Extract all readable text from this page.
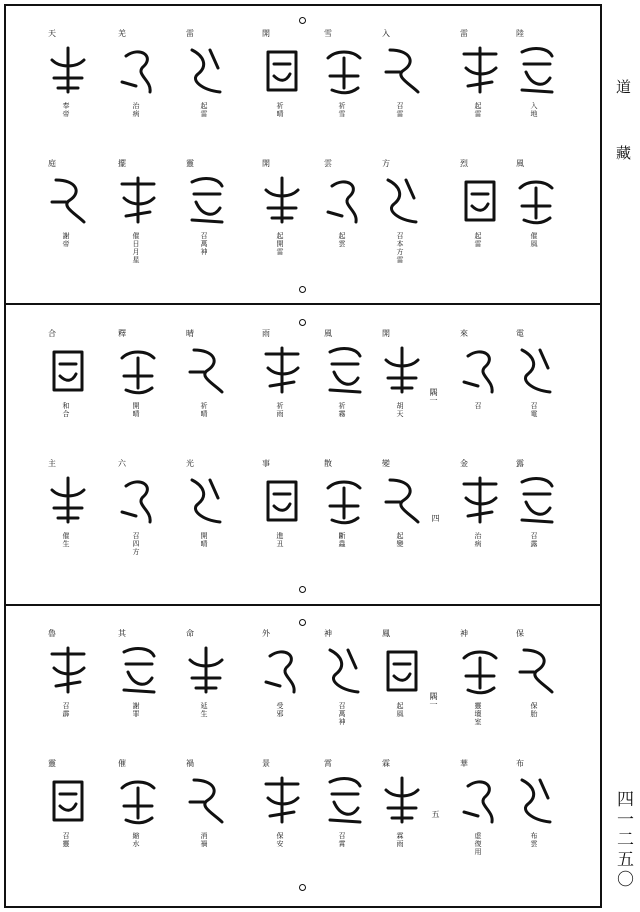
道
藏
四一二五〇
隅一
四
隅一
五
陸
入地
雷
起雷
入
召雷
雪
祈雪
開
祈晴
雷
起雷
羌
治病
天
奉帝
風
催風
烈
起雷
方
召本方雷
雲
起雲
開
起開雷
靈
召萬神
擺
催日月星
庭
謝帝
電
召電
來
召
開
胡天
風
祈霧
雨
祈雨
晴
祈晴
釋
開晴
合
和合
露
召露
金
治病
變
起變
散
斷蟲
事
進丑
光
開晴
六
召四方
主
催生
保
保胎
神
靈壇室
鳳
起風
神
召萬神
外
受邪
命
延生
其
謝罪
魯
召霹
布
布雲
華
虚復用
霖
霖雨
霄
召霄
景
保安
禍
消禍
催
縮水
靈
召靈
